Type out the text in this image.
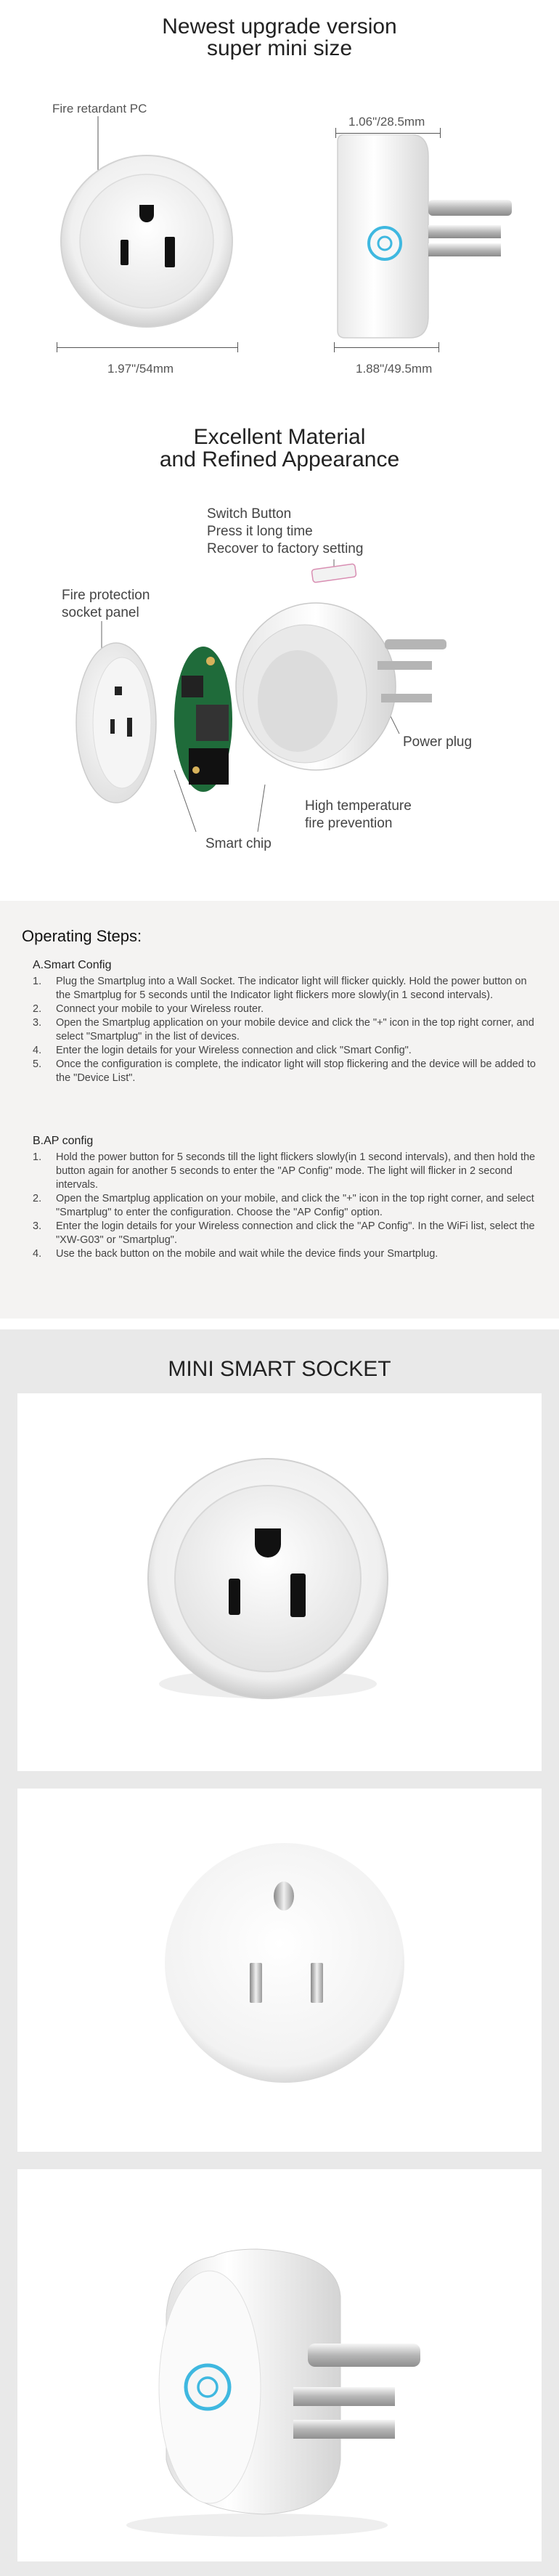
Newest upgrade version
super mini size
Fire retardant PC
1.06"/28.5mm
1.97"/54mm	1.88"/49.5mm
Excellent Material
and Refined Appearance
Switch Button
Press it long time
Recover to factory setting
Fire protection
socket panel
Power plug
High temperature
fire prevention
Smart chip
Operating Steps:
A.Smart Config
1. Plug the Smartplug into a Wall Socket. The indicator light will flicker quickly. Hold the power button on the Smartplug for 5 seconds until the Indicator light flickers more slowly(in 1 second intervals).
2. Connect your mobile to your Wireless router.
3. Open the Smartplug application on your mobile device and click the "+" icon in the top right corner, and select "Smartplug" in the list of devices.
4. Enter the login details for your Wireless connection and click "Smart Config".
5. Once the configuration is complete, the indicator light will stop flickering and the device will be added to the "Device List".
B.AP config
1. Hold the power button for 5 seconds till the light flickers slowly(in 1 second intervals), and then hold the button again for another 5 seconds to enter the "AP Config" mode. The light will flicker in 2 second intervals.
2. Open the Smartplug application on your mobile, and click the "+" icon in the top right corner, and select "Smartplug" to enter the configuration. Choose the "AP Config" option.
3. Enter the login details for your Wireless connection and click the "AP Config". In the WiFi list, select the "XW-G03" or "Smartplug".
4. Use the back button on the mobile and wait while the device finds your Smartplug.
MINI SMART SOCKET
